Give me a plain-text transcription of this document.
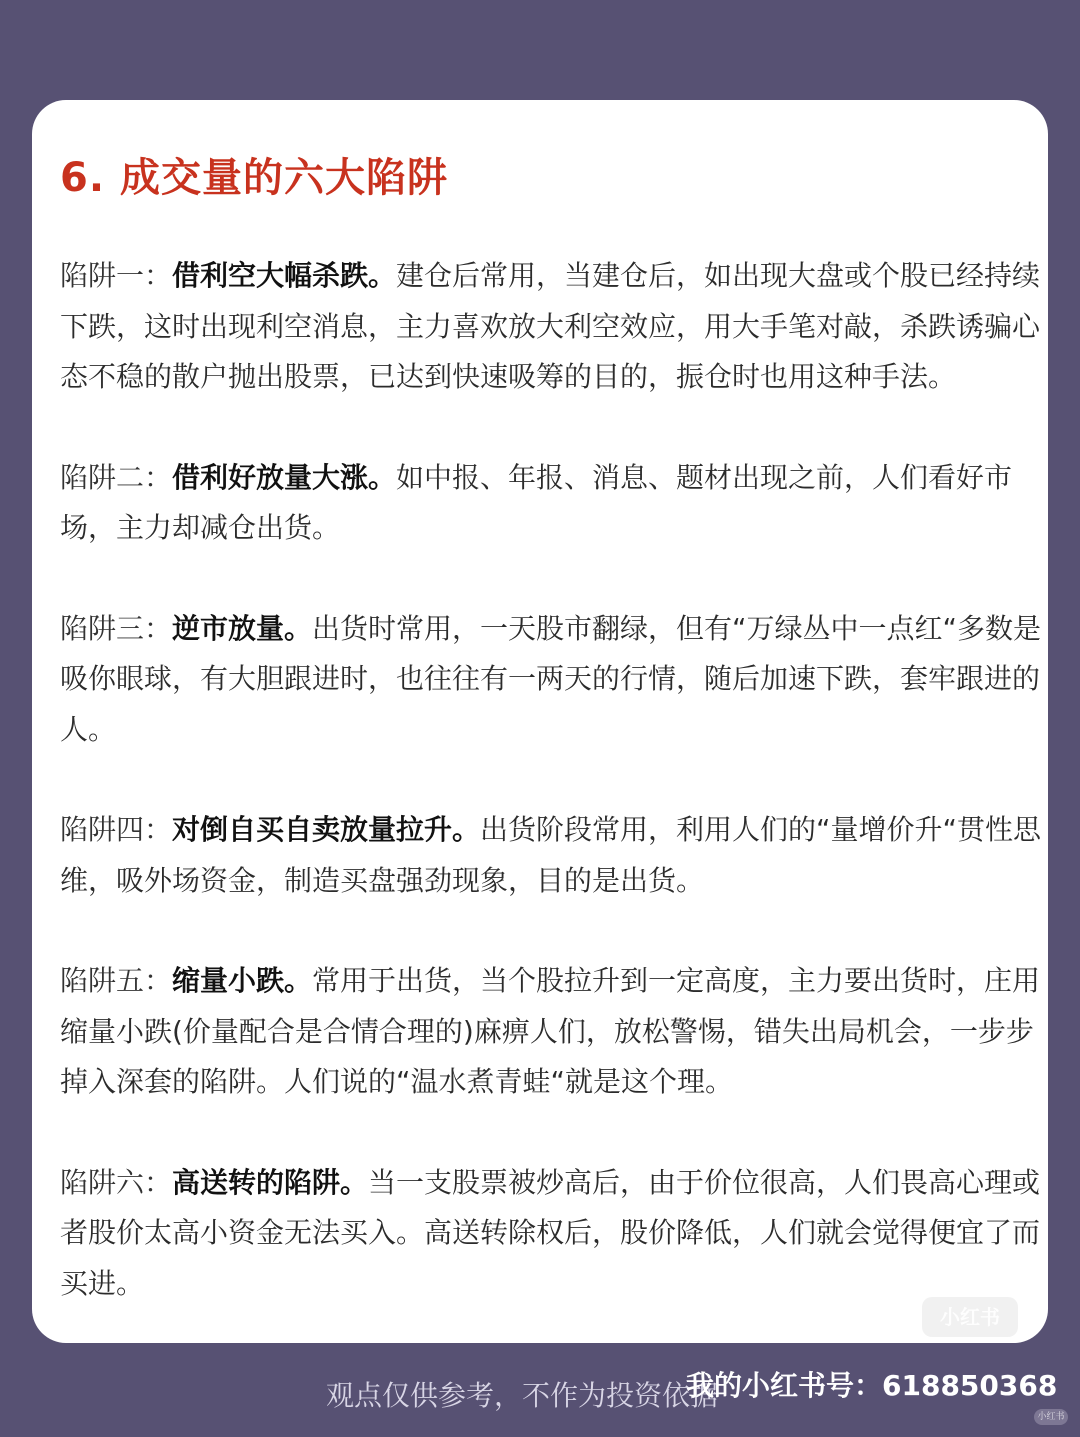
6. 成交量的六大陷阱

陷阱一：借利空大幅杀跌。建仓后常用，当建仓后，如出现大盘或个股已经持续下跌，这时出现利空消息，主力喜欢放大利空效应，用大手笔对敲，杀跌诱骗心态不稳的散户抛出股票，已达到快速吸筹的目的，振仓时也用这种手法。

陷阱二：借利好放量大涨。如中报、年报、消息、题材出现之前，人们看好市场，主力却减仓出货。

陷阱三：逆市放量。出货时常用，一天股市翻绿，但有“万绿丛中一点红“多数是吸你眼球，有大胆跟进时，也往往有一两天的行情，随后加速下跌，套牢跟进的人。

陷阱四：对倒自买自卖放量拉升。出货阶段常用，利用人们的“量增价升“贯性思维，吸外场资金，制造买盘强劲现象，目的是出货。

陷阱五：缩量小跌。常用于出货，当个股拉升到一定高度，主力要出货时，庄用缩量小跌(价量配合是合情合理的)麻痹人们，放松警惕，错失出局机会，一步步掉入深套的陷阱。人们说的“温水煮青蛙“就是这个理。

陷阱六：高送转的陷阱。当一支股票被炒高后，由于价位很高，人们畏高心理或者股价太高小资金无法买入。高送转除权后，股价降低，人们就会觉得便宜了而买进。

小红书
观点仅供参考，不作为投资依据
我的小红书号：618850368
小红书
